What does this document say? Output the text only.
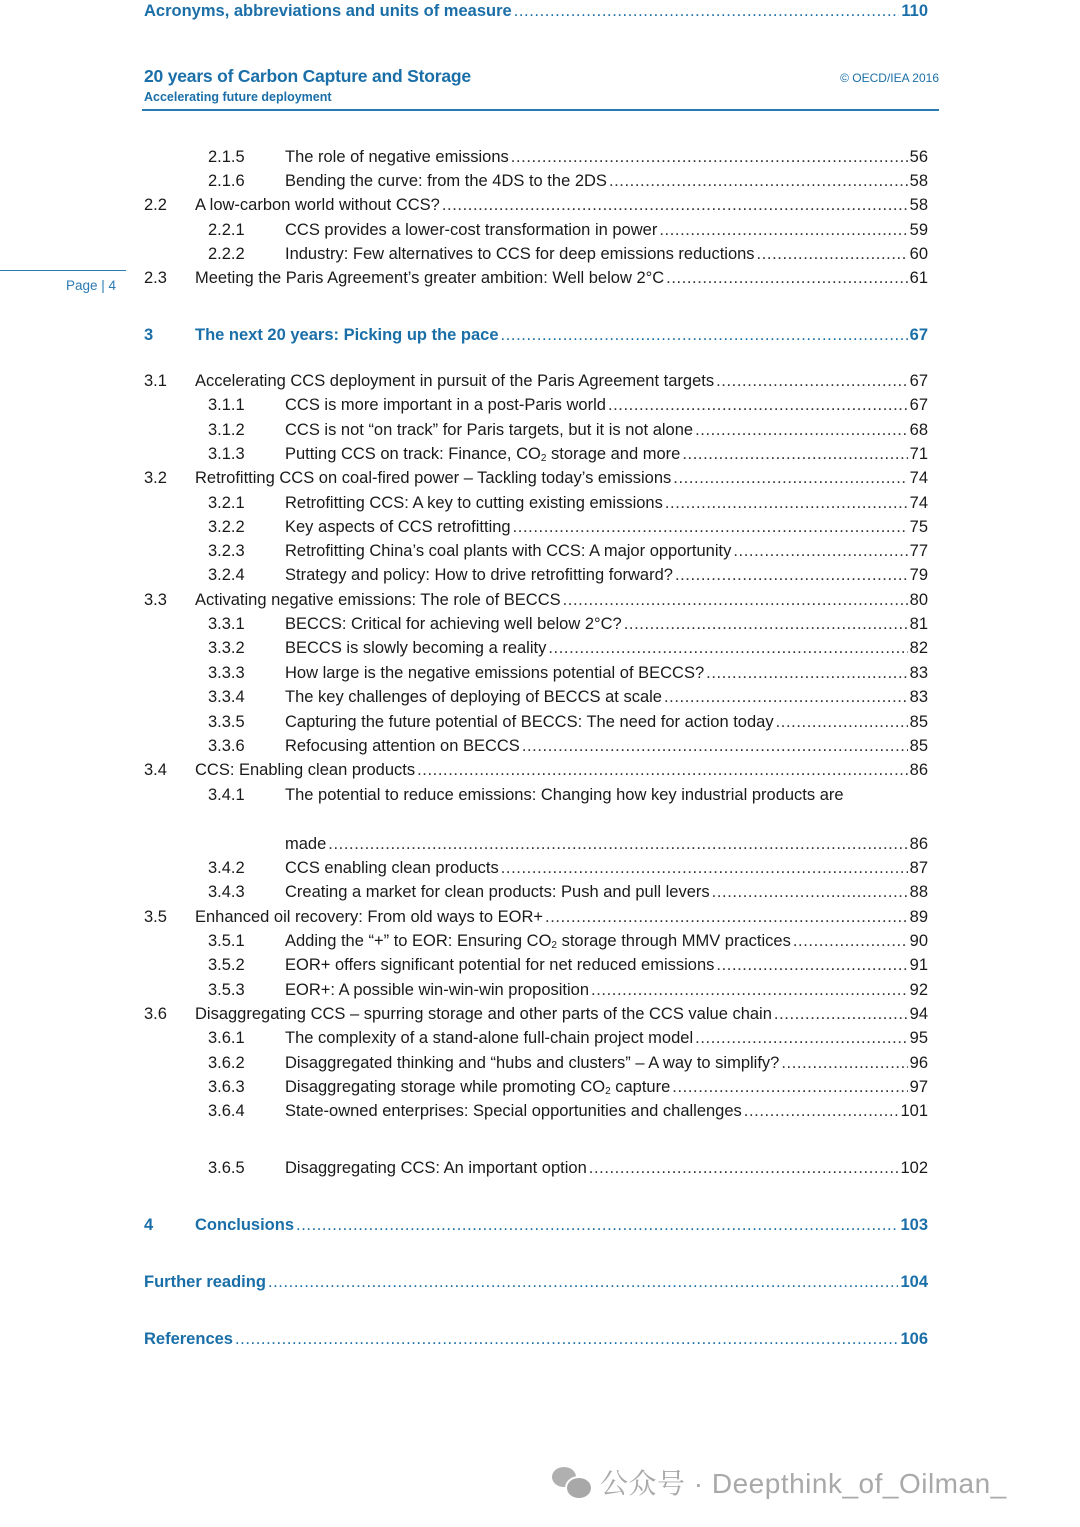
20 years of Carbon Capture and Storage
Accelerating future deployment
© OECD/IEA 2016
Page | 4
2.1.5	The role of negative emissions .....	56
2.1.6	Bending the curve: from the 4DS to the 2DS .....	58
2.2	A low-carbon world without CCS? .....	58
2.2.1	CCS provides a lower-cost transformation in power .....	59
2.2.2	Industry: Few alternatives to CCS for deep emissions reductions .....	60
2.3	Meeting the Paris Agreement’s greater ambition: Well below 2°C .....	61
3	The next 20 years: Picking up the pace .....	67
3.1	Accelerating CCS deployment in pursuit of the Paris Agreement targets .....	67
3.1.1	CCS is more important in a post-Paris world .....	67
3.1.2	CCS is not “on track” for Paris targets, but it is not alone .....	68
3.1.3	Putting CCS on track: Finance, $CO_2$ storage and more .....	71
3.2	Retrofitting CCS on coal-fired power – Tackling today’s emissions .....	74
3.2.1	Retrofitting CCS: A key to cutting existing emissions .....	74
3.2.2	Key aspects of CCS retrofitting .....	75
3.2.3	Retrofitting China’s coal plants with CCS: A major opportunity .....	77
3.2.4	Strategy and policy: How to drive retrofitting forward? .....	79
3.3	Activating negative emissions: The role of BECCS .....	80
3.3.1	BECCS: Critical for achieving well below 2°C? .....	81
3.3.2	BECCS is slowly becoming a reality .....	82
3.3.3	How large is the negative emissions potential of BECCS? .....	83
3.3.4	The key challenges of deploying of BECCS at scale .....	83
3.3.5	Capturing the future potential of BECCS: The need for action today .....	85
3.3.6	Refocusing attention on BECCS .....	85
3.4	CCS: Enabling clean products .....	86
3.4.1	The potential to reduce emissions: Changing how key industrial products are
made .....	86
3.4.2	CCS enabling clean products .....	87
3.4.3	Creating a market for clean products: Push and pull levers .....	88
3.5	Enhanced oil recovery: From old ways to EOR+ .....	89
3.5.1	Adding the “+” to EOR: Ensuring $CO_2$ storage through MMV practices .....	90
3.5.2	EOR+ offers significant potential for net reduced emissions .....	91
3.5.3	EOR+: A possible win-win-win proposition .....	92
3.6	Disaggregating CCS – spurring storage and other parts of the CCS value chain .....	94
3.6.1	The complexity of a stand-alone full-chain project model .....	95
3.6.2	Disaggregated thinking and “hubs and clusters” – A way to simplify? .....	96
3.6.3	Disaggregating storage while promoting $CO_2$ capture .....	97
3.6.4	State-owned enterprises: Special opportunities and challenges .....	101
3.6.5	Disaggregating CCS: An important option .....	102
4	Conclusions .....	103
Further reading .....	104
References .....	106
Acronyms, abbreviations and units of measure .....	110
公众号 · Deepthink_of_Oilman_
